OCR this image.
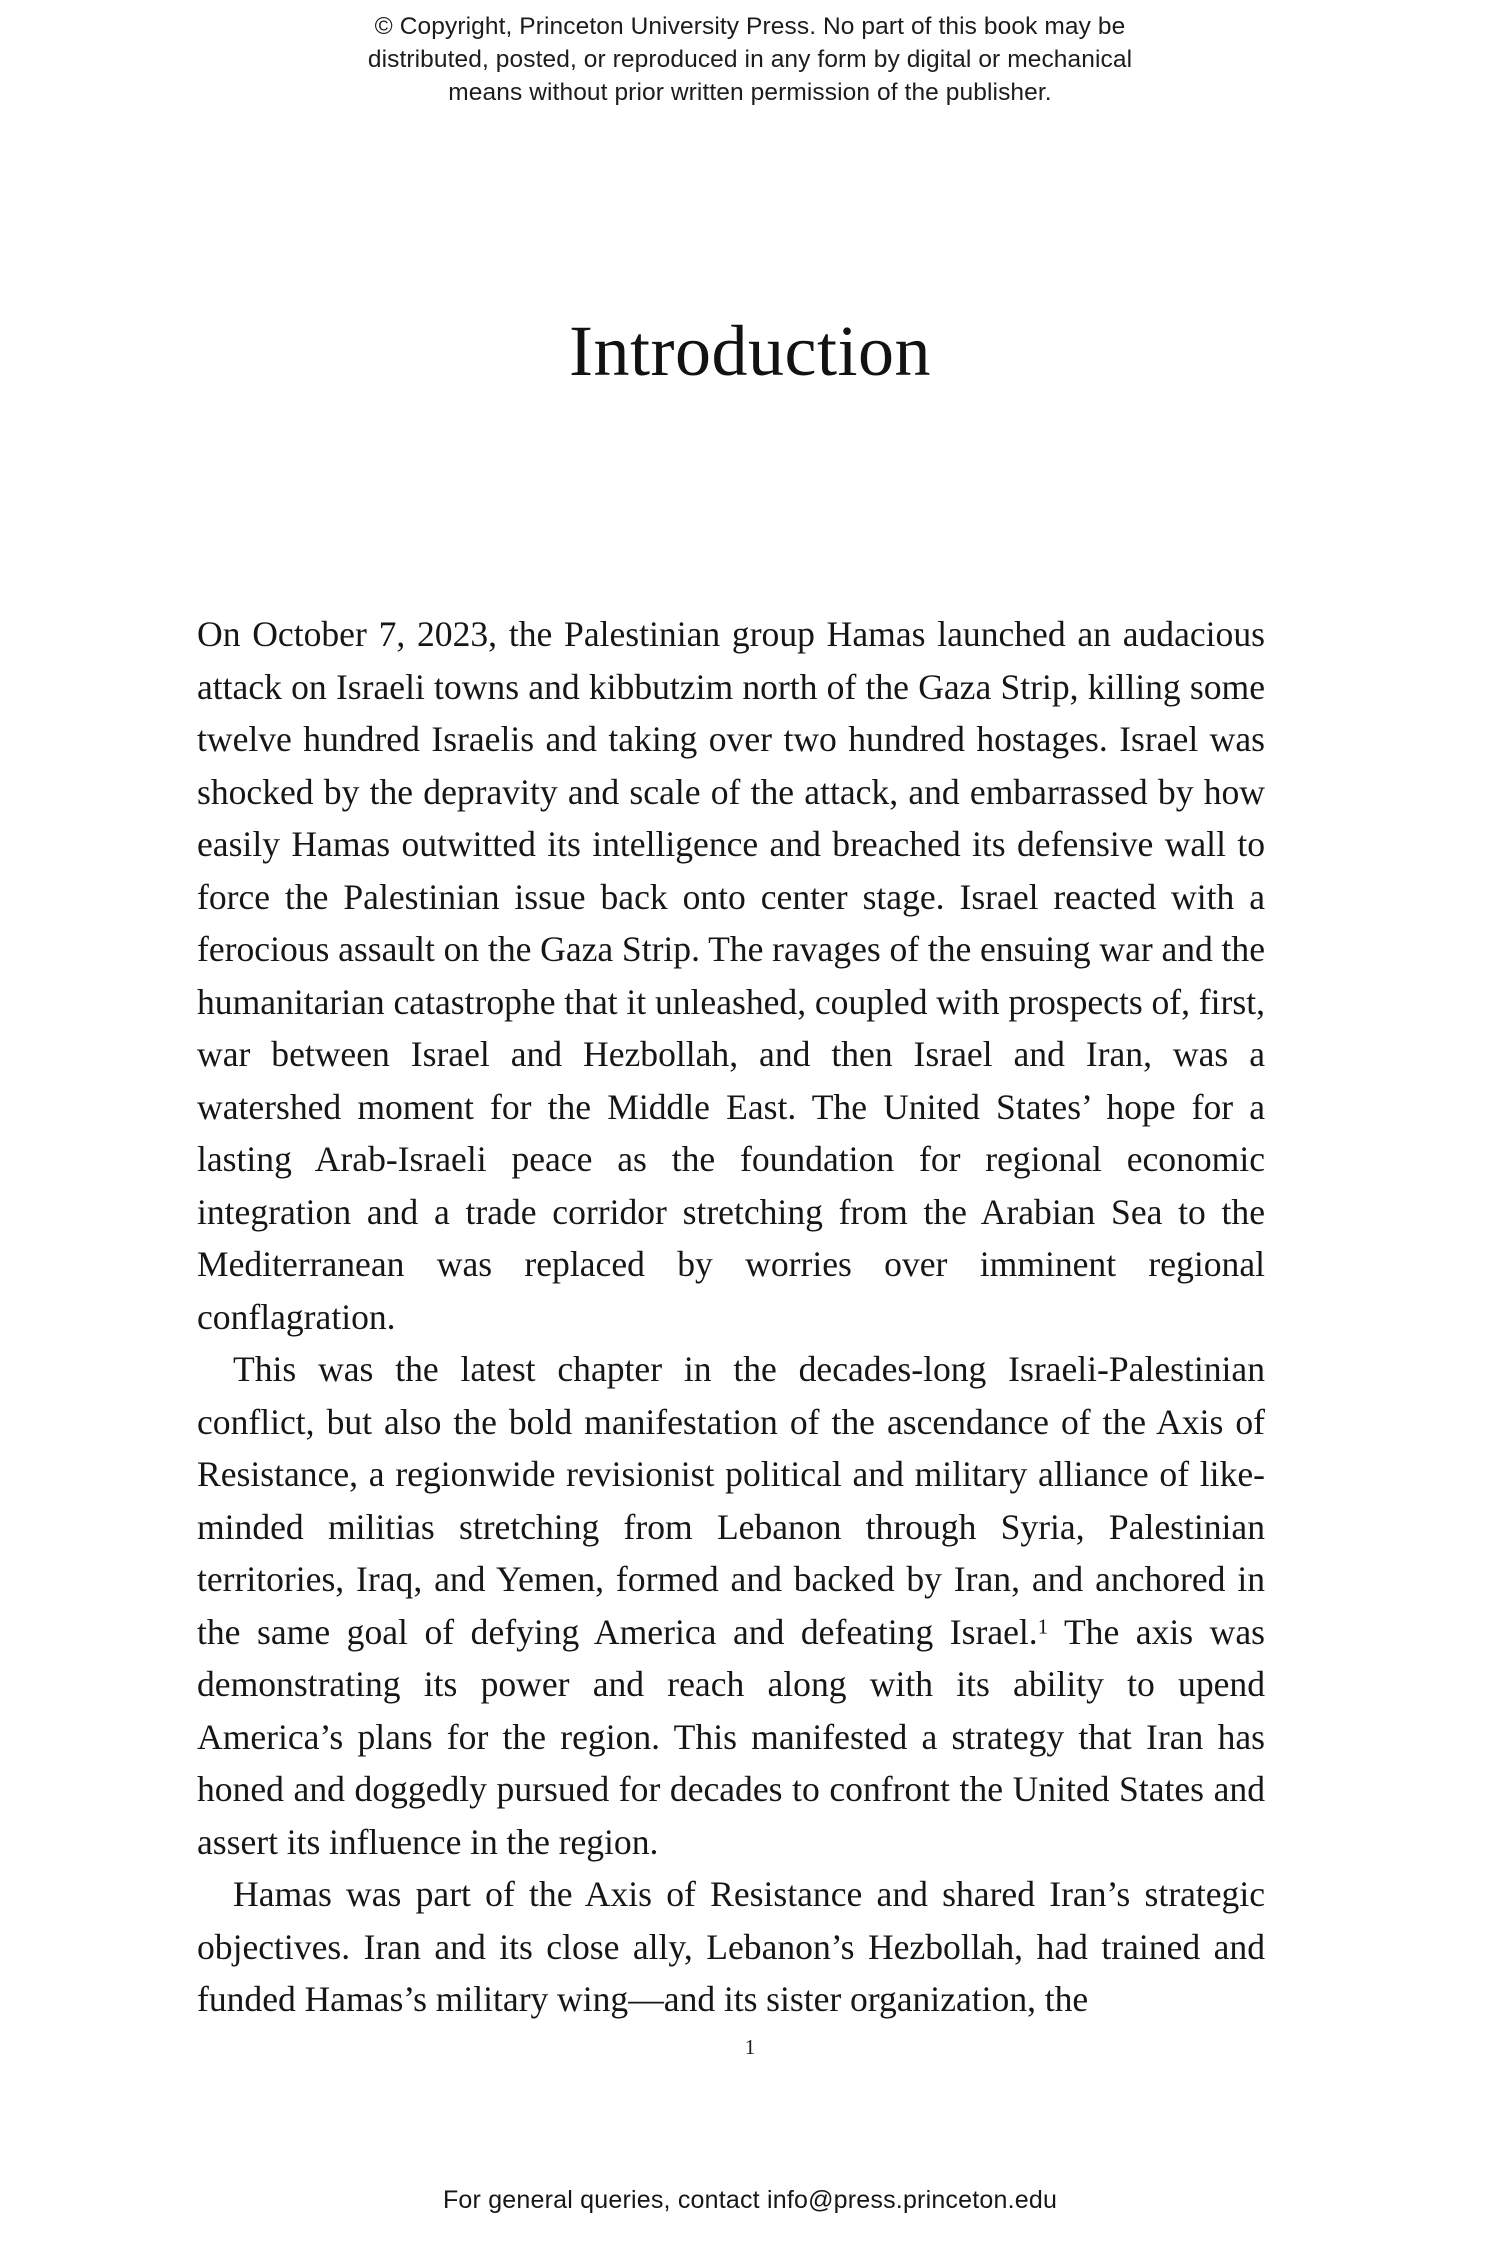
© Copyright, Princeton University Press. No part of this book may be
distributed, posted, or reproduced in any form by digital or mechanical
means without prior written permission of the publisher.
Introduction

On October 7, 2023, the Palestinian group Hamas launched an audacious attack on Israeli towns and kibbutzim north of the Gaza Strip, killing some twelve hundred Israelis and taking over two hundred hostages. Israel was shocked by the depravity and scale of the attack, and embarrassed by how easily Hamas outwitted its intelligence and breached its defensive wall to force the Palestinian issue back onto center stage. Israel reacted with a ferocious assault on the Gaza Strip. The ravages of the ensuing war and the humanitarian catastrophe that it unleashed, coupled with prospects of, first, war between Israel and Hezbollah, and then Israel and Iran, was a watershed moment for the Middle East. The United States’ hope for a lasting Arab-Israeli peace as the foundation for regional economic integration and a trade corridor stretching from the Arabian Sea to the Mediterranean was replaced by worries over imminent regional conflagration.

This was the latest chapter in the decades-long Israeli-Palestinian conflict, but also the bold manifestation of the ascendance of the Axis of Resistance, a regionwide revisionist political and military alliance of like-minded militias stretching from Lebanon through Syria, Palestinian territories, Iraq, and Yemen, formed and backed by Iran, and anchored in the same goal of defying America and defeating Israel.$^1$ The axis was demonstrating its power and reach along with its ability to upend America’s plans for the region. This manifested a strategy that Iran has honed and doggedly pursued for decades to confront the United States and assert its influence in the region.

Hamas was part of the Axis of Resistance and shared Iran’s strategic objectives. Iran and its close ally, Lebanon’s Hezbollah, had trained and funded Hamas’s military wing—and its sister organization, the

1
For general queries, contact info@press.princeton.edu
